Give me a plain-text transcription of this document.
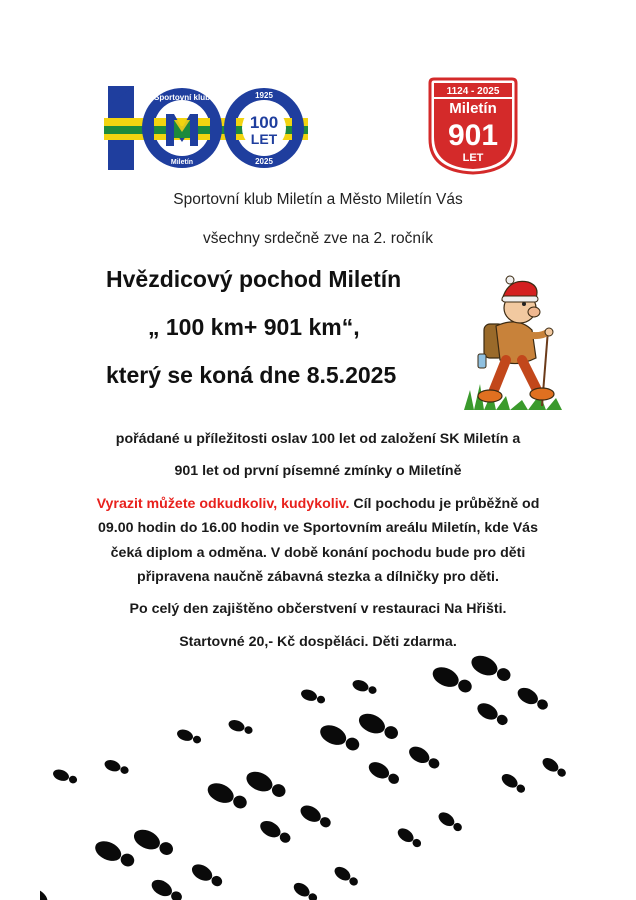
Sportovní klub
Miletín
1925
2025
100
LET
1124 - 2025
Miletín
901
LET
Sportovní klub Miletín a Město Miletín Vás
všechny srdečně zve na 2. ročník
Hvězdicový pochod Miletín
„ 100 km+ 901 km“,
který se koná dne 8.5.2025
pořádané u příležitosti oslav 100 let od založení SK Miletín a
901 let od první písemné zmínky o Miletíně
Vyrazit můžete odkudkoliv, kudykoliv. Cíl pochodu je průběžně od
09.00 hodin do 16.00 hodin ve Sportovním areálu Miletín, kde Vás
čeká diplom a odměna. V době konání pochodu bude pro děti
připravena naučně zábavná stezka a dílničky pro děti.
Po celý den zajištěno občerstvení v restauraci Na Hřišti.
Startovné 20,- Kč dospěláci. Děti zdarma.
